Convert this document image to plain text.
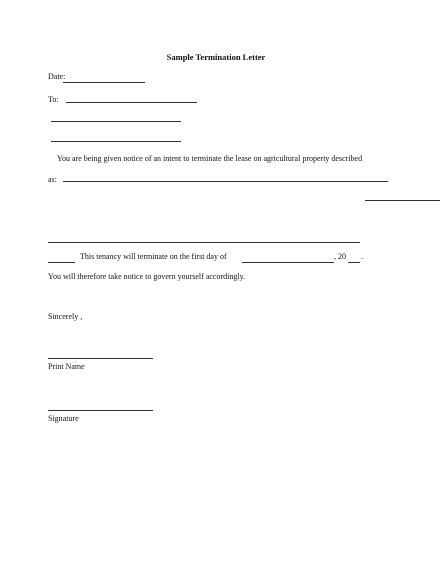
Sample Termination Letter
Date:
To:
You are being given notice of an intent to terminate the lease on agricultural property described
as:
This tenancy will terminate on the first day of	, 20 .
You will therefore take notice to govern yourself accordingly.
Sincerely ,
Print Name
Signature
